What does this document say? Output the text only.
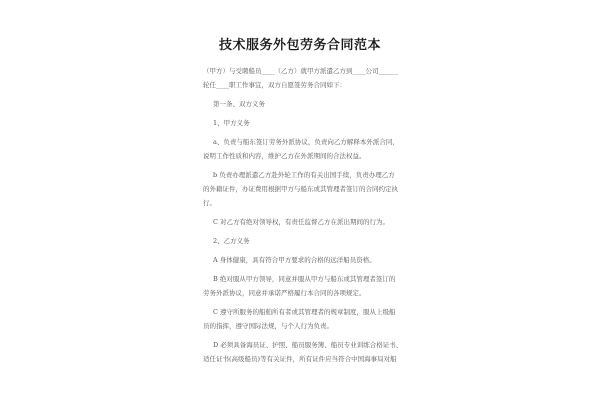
技术服务外包劳务合同范本
（甲方）与受聘船员____（乙方）就甲方派遣乙方到____公司______
轮任____职工作事宜，双方自愿签劳务合同如下：
第一条、双方义务
1、甲方义务
a、负责与船东签订劳务外派协议，负责向乙方解释本外派合同，
说明工作性质和内容，维护乙方在外派期间的合法权益。
b 负责办理派遣乙方赴外轮工作的有关出国手续，负责办理乙方
的外籍证件，办证费用根据甲方与船东或其管理者签订的合同约定执
行。
C 对乙方有绝对领导权，有责任监督乙方在派出期间的行为。
2、乙方义务
A 身体健康，具有符合甲方要求的合格的远洋船员资格。
B 绝对服从甲方领导，同意并服从甲方与船东或其管理者签订的
劳务外派协议，同意并承诺严格履行本合同的各项规定。
C 遵守所服务的船舶所有者或其管理者的规章制度，服从上级船
员的指挥，遵守国际法规，与个人行为负责。
D 必须具备海员证、护照、船员服务簿、船员专业训练合格证书、
适任证书(高级船员)等有关证件，所有证件应当符合中国海事局对船
